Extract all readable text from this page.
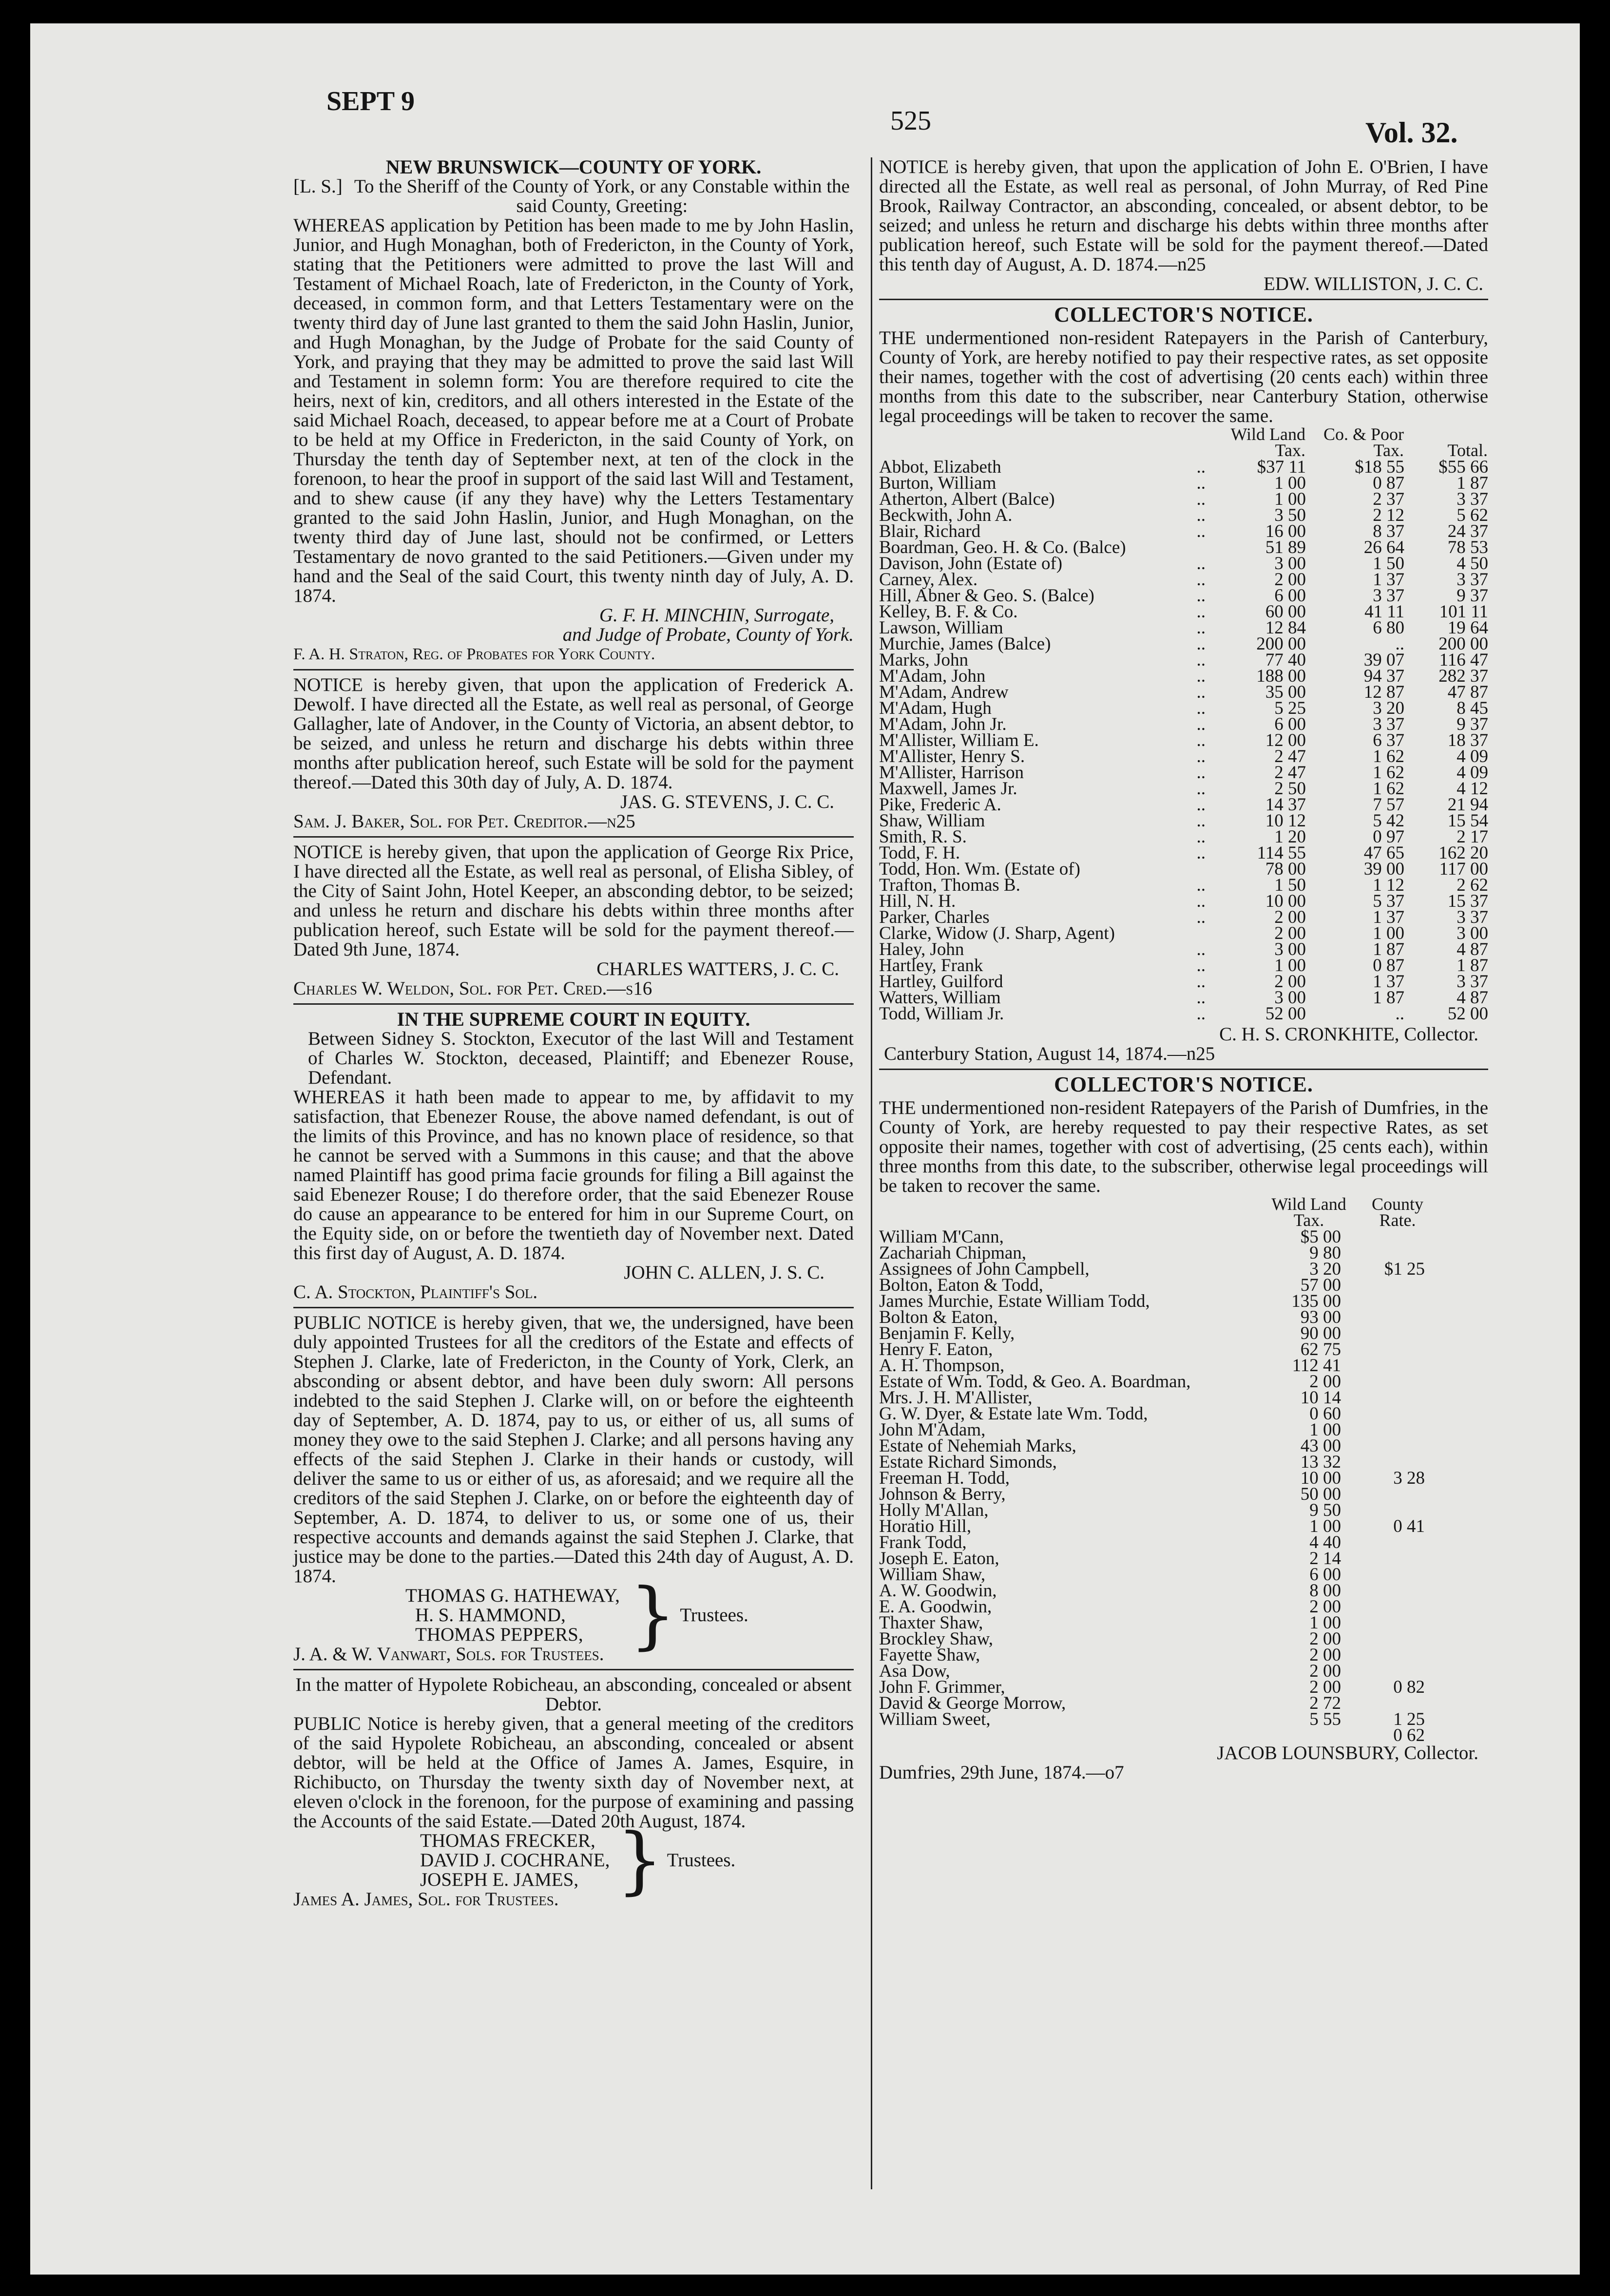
SEPT 9
525	Vol. 32.
NEW BRUNSWICK—COUNTY OF YORK.
[L. S.] To the Sheriff of the County of York, or any Constable within the said County, Greeting:

WHEREAS application by Petition has been made to me by John Haslin, Junior, and Hugh Monaghan, both of Fredericton, in the County of York, stating that the Petitioners were admitted to prove the last Will and Testament of Michael Roach, late of Fredericton, in the County of York, deceased, in common form, and that Letters Testamentary were on the twenty third day of June last granted to them the said John Haslin, Junior, and Hugh Monaghan, by the Judge of Probate for the said County of York, and praying that they may be admitted to prove the said last Will and Testament in solemn form: You are therefore required to cite the heirs, next of kin, creditors, and all others interested in the Estate of the said Michael Roach, deceased, to appear before me at a Court of Probate to be held at my Office in Fredericton, in the said County of York, on Thursday the tenth day of September next, at ten of the clock in the forenoon, to hear the proof in support of the said last Will and Testament, and to shew cause (if any they have) why the Letters Testamentary granted to the said John Haslin, Junior, and Hugh Monaghan, on the twenty third day of June last, should not be confirmed, or Letters Testamentary de novo granted to the said Petitioners.—Given under my hand and the Seal of the said Court, this twenty ninth day of July, A. D. 1874.

G. F. H. MINCHIN, Surrogate,
and Judge of Probate, County of York.
F. A. H. Straton, Reg. of Probates for York County.

NOTICE is hereby given, that upon the application of Frederick A. Dewolf. I have directed all the Estate, as well real as personal, of George Gallagher, late of Andover, in the County of Victoria, an absent debtor, to be seized, and unless he return and discharge his debts within three months after publication hereof, such Estate will be sold for the payment thereof.—Dated this 30th day of July, A. D. 1874.

JAS. G. STEVENS, J. C. C.
Sam. J. Baker, Sol. for Pet. Creditor.—n25

NOTICE is hereby given, that upon the application of George Rix Price, I have directed all the Estate, as well real as personal, of Elisha Sibley, of the City of Saint John, Hotel Keeper, an absconding debtor, to be seized; and unless he return and dischare his debts within three months after publication hereof, such Estate will be sold for the payment thereof.—Dated 9th June, 1874.

CHARLES WATTERS, J. C. C.
Charles W. Weldon, Sol. for Pet. Cred.—s16
IN THE SUPREME COURT IN EQUITY.

Between Sidney S. Stockton, Executor of the last Will and Testament of Charles W. Stockton, deceased, Plaintiff; and Ebenezer Rouse, Defendant.

WHEREAS it hath been made to appear to me, by affidavit to my satisfaction, that Ebenezer Rouse, the above named defendant, is out of the limits of this Province, and has no known place of residence, so that he cannot be served with a Summons in this cause; and that the above named Plaintiff has good prima facie grounds for filing a Bill against the said Ebenezer Rouse; I do therefore order, that the said Ebenezer Rouse do cause an appearance to be entered for him in our Supreme Court, on the Equity side, on or before the twentieth day of November next. Dated this first day of August, A. D. 1874.

JOHN C. ALLEN, J. S. C.
C. A. Stockton, Plaintiff's Sol.

PUBLIC NOTICE is hereby given, that we, the undersigned, have been duly appointed Trustees for all the creditors of the Estate and effects of Stephen J. Clarke, late of Fredericton, in the County of York, Clerk, an absconding or absent debtor, and have been duly sworn: All persons indebted to the said Stephen J. Clarke will, on or before the eighteenth day of September, A. D. 1874, pay to us, or either of us, all sums of money they owe to the said Stephen J. Clarke; and all persons having any effects of the said Stephen J. Clarke in their hands or custody, will deliver the same to us or either of us, as aforesaid; and we require all the creditors of the said Stephen J. Clarke, on or before the eighteenth day of September, A. D. 1874, to deliver to us, or some one of us, their respective accounts and demands against the said Stephen J. Clarke, that justice may be done to the parties.—Dated this 24th day of August, A. D. 1874.

THOMAS G. HATHEWAY,
H. S. HAMMOND,
THOMAS PEPPERS, } Trustees.
J. A. & W. Vanwart, Sols. for Trustees.

In the matter of Hypolete Robicheau, an absconding, concealed or absent Debtor.

PUBLIC Notice is hereby given, that a general meeting of the creditors of the said Hypolete Robicheau, an absconding, concealed or absent debtor, will be held at the Office of James A. James, Esquire, in Richibucto, on Thursday the twenty sixth day of November next, at eleven o'clock in the forenoon, for the purpose of examining and passing the Accounts of the said Estate.—Dated 20th August, 1874.

THOMAS FRECKER,
DAVID J. COCHRANE,
JOSEPH E. JAMES, } Trustees.
James A. James, Sol. for Trustees.

NOTICE is hereby given, that upon the application of John E. O'Brien, I have directed all the Estate, as well real as personal, of John Murray, of Red Pine Brook, Railway Contractor, an absconding, concealed, or absent debtor, to be seized; and unless he return and discharge his debts within three months after publication hereof, such Estate will be sold for the payment thereof.—Dated this tenth day of August, A. D. 1874.—n25

EDW. WILLISTON, J. C. C.
COLLECTOR'S NOTICE.

THE undermentioned non-resident Ratepayers in the Parish of Canterbury, County of York, are hereby notified to pay their respective rates, as set opposite their names, together with the cost of advertising (20 cents each) within three months from this date to the subscriber, near Canterbury Station, otherwise legal proceedings will be taken to recover the same.

	Wild Land Tax.	Co. & Poor Tax.	Total.
Abbot, Elizabeth ..	$37 11	$18 55	$55 66
Burton, William ..	1 00	0 87	1 87
Atherton, Albert (Balce) ..	1 00	2 37	3 37
Beckwith, John A. ..	3 50	2 12	5 62
Blair, Richard ..	16 00	8 37	24 37
Boardman, Geo. H. & Co. (Balce)	51 89	26 64	78 53
Davison, John (Estate of) ..	3 00	1 50	4 50
Carney, Alex. ..	2 00	1 37	3 37
Hill, Abner & Geo. S. (Balce) ..	6 00	3 37	9 37
Kelley, B. F. & Co. ..	60 00	41 11	101 11
Lawson, William ..	12 84	6 80	19 64
Murchie, James (Balce) ..	200 00	..	200 00
Marks, John ..	77 40	39 07	116 47
M'Adam, John ..	188 00	94 37	282 37
M'Adam, Andrew ..	35 00	12 87	47 87
M'Adam, Hugh ..	5 25	3 20	8 45
M'Adam, John Jr. ..	6 00	3 37	9 37
M'Allister, William E. ..	12 00	6 37	18 37
M'Allister, Henry S. ..	2 47	1 62	4 09
M'Allister, Harrison ..	2 47	1 62	4 09
Maxwell, James Jr. ..	2 50	1 62	4 12
Pike, Frederic A. ..	14 37	7 57	21 94
Shaw, William ..	10 12	5 42	15 54
Smith, R. S. ..	1 20	0 97	2 17
Todd, F. H. ..	114 55	47 65	162 20
Todd, Hon. Wm. (Estate of)	78 00	39 00	117 00
Trafton, Thomas B. ..	1 50	1 12	2 62
Hill, N. H. ..	10 00	5 37	15 37
Parker, Charles ..	2 00	1 37	3 37
Clarke, Widow (J. Sharp, Agent)	2 00	1 00	3 00
Haley, John ..	3 00	1 87	4 87
Hartley, Frank ..	1 00	0 87	1 87
Hartley, Guilford ..	2 00	1 37	3 37
Watters, William ..	3 00	1 87	4 87
Todd, William Jr. ..	52 00	..	52 00
C. H. S. CRONKHITE, Collector.
Canterbury Station, August 14, 1874.—n25
COLLECTOR'S NOTICE.

THE undermentioned non-resident Ratepayers of the Parish of Dumfries, in the County of York, are hereby requested to pay their respective Rates, as set opposite their names, together with cost of advertising, (25 cents each), within three months from this date, to the subscriber, otherwise legal proceedings will be taken to recover the same.

	Wild Land Tax.	County Rate.
William M'Cann,	$5 00	
Zachariah Chipman,	9 80	
Assignees of John Campbell,	3 20	$1 25
Bolton, Eaton & Todd,	57 00	
James Murchie, Estate William Todd,	135 00	
Bolton & Eaton,	93 00	
Benjamin F. Kelly,	90 00	
Henry F. Eaton,	62 75	
A. H. Thompson,	112 41	
Estate of Wm. Todd, & Geo. A. Boardman,	2 00	
Mrs. J. H. M'Allister,	10 14	
G. W. Dyer, & Estate late Wm. Todd,	0 60	
John M'Adam,	1 00	
Estate of Nehemiah Marks,	43 00	
Estate Richard Simonds,	13 32	
Freeman H. Todd,	10 00	3 28
Johnson & Berry,	50 00	
Holly M'Allan,	9 50	
Horatio Hill,	1 00	0 41
Frank Todd,	4 40	
Joseph E. Eaton,	2 14	
William Shaw,	6 00	
A. W. Goodwin,	8 00	
E. A. Goodwin,	2 00	
Thaxter Shaw,	1 00	
Brockley Shaw,	2 00	
Fayette Shaw,	2 00	
Asa Dow,	2 00	
John F. Grimmer,	2 00	0 82
David & George Morrow,	2 72	
William Sweet,	5 55	1 25
		0 62
JACOB LOUNSBURY, Collector.
Dumfries, 29th June, 1874.—o7
